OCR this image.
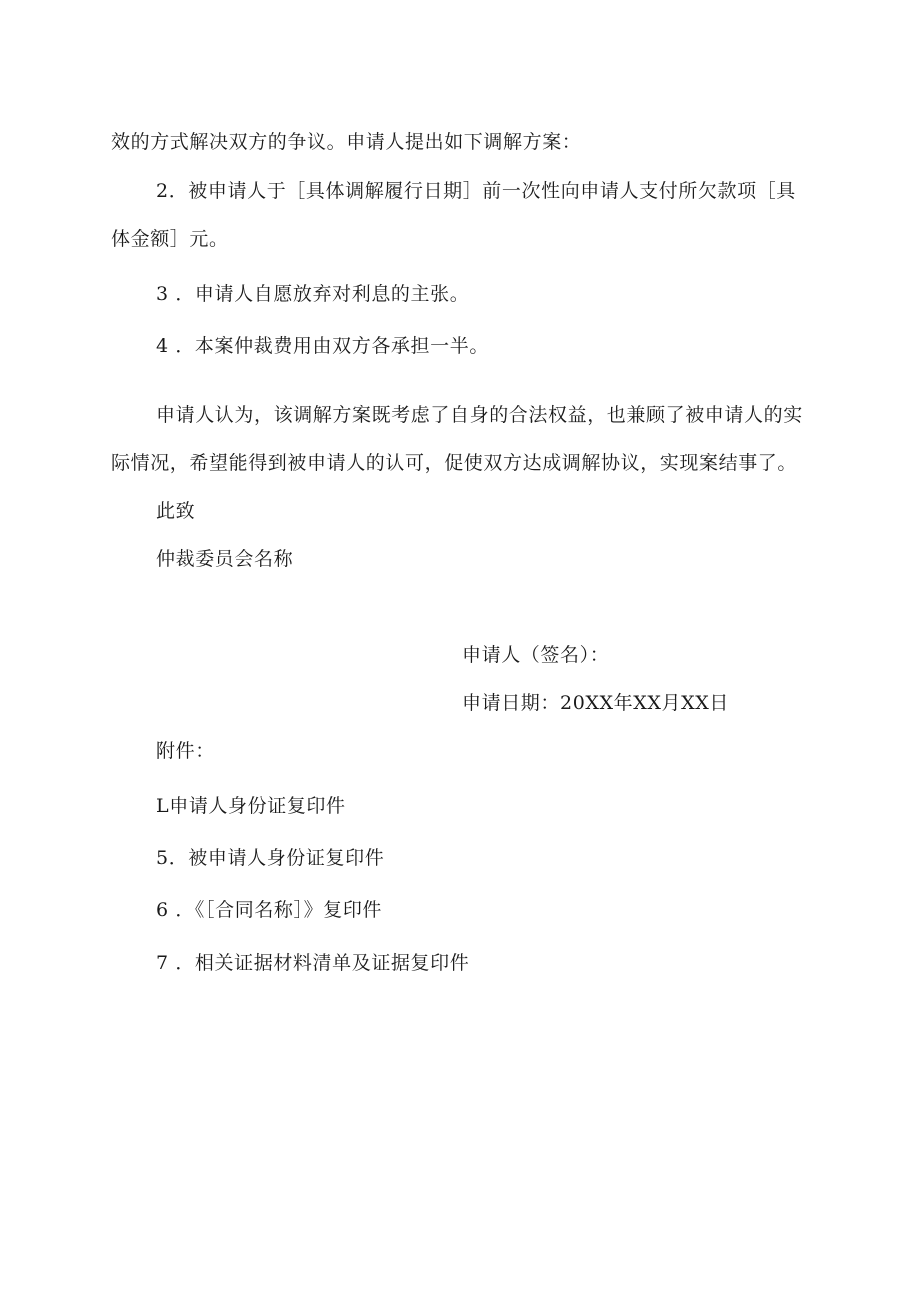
效的方式解决双方的争议。申请人提出如下调解方案：
2．被申请人于［具体调解履行日期］前一次性向申请人支付所欠款项［具
体金额］元。
3 ．申请人自愿放弃对利息的主张。
4 ．本案仲裁费用由双方各承担一半。
申请人认为，该调解方案既考虑了自身的合法权益，也兼顾了被申请人的实
际情况，希望能得到被申请人的认可，促使双方达成调解协议，实现案结事了。
此致
仲裁委员会名称
申请人（签名）：
申请日期：20XX年XX月XX日
附件：
L申请人身份证复印件
5．被申请人身份证复印件
6 ．《［合同名称］》复印件
7 ．相关证据材料清单及证据复印件
